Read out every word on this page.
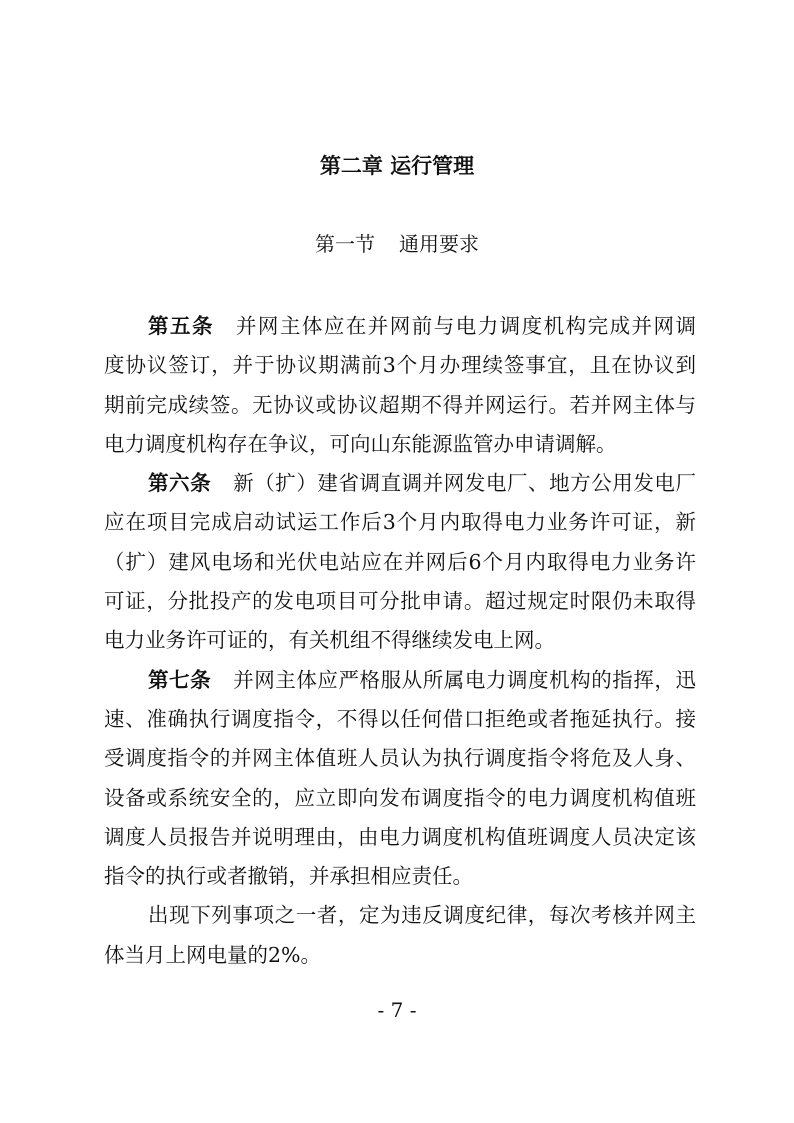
第二章 运行管理
第一节 通用要求
第五条 并网主体应在并网前与电力调度机构完成并网调
度协议签订，并于协议期满前3个月办理续签事宜，且在协议到
期前完成续签。无协议或协议超期不得并网运行。若并网主体与
电力调度机构存在争议，可向山东能源监管办申请调解。
第六条 新（扩）建省调直调并网发电厂、地方公用发电厂
应在项目完成启动试运工作后3个月内取得电力业务许可证，新
（扩）建风电场和光伏电站应在并网后6个月内取得电力业务许
可证，分批投产的发电项目可分批申请。超过规定时限仍未取得
电力业务许可证的，有关机组不得继续发电上网。
第七条 并网主体应严格服从所属电力调度机构的指挥，迅
速、准确执行调度指令，不得以任何借口拒绝或者拖延执行。接
受调度指令的并网主体值班人员认为执行调度指令将危及人身、
设备或系统安全的，应立即向发布调度指令的电力调度机构值班
调度人员报告并说明理由，由电力调度机构值班调度人员决定该
指令的执行或者撤销，并承担相应责任。
出现下列事项之一者，定为违反调度纪律，每次考核并网主
体当月上网电量的2%。
- 7 -
